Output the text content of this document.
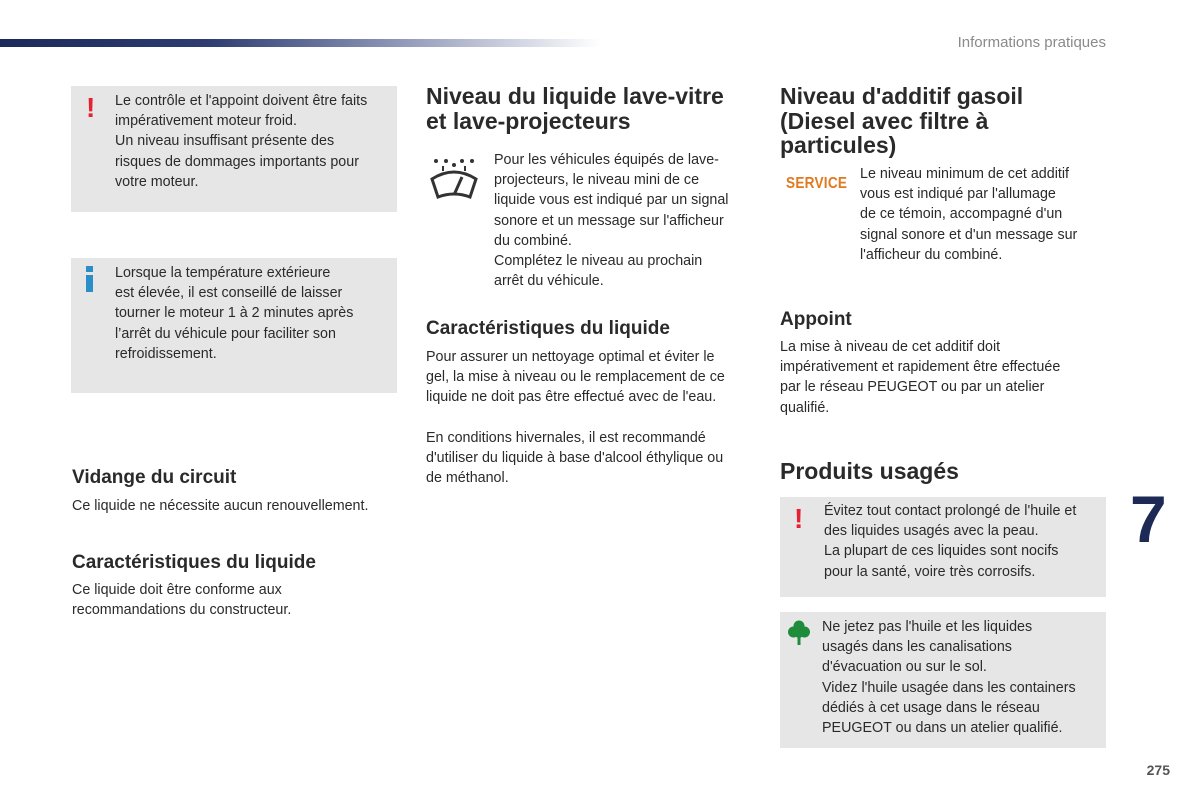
Informations pratiques
! Le contrôle et l'appoint doivent être faits
impérativement moteur froid.
Un niveau insuffisant présente des
risques de dommages importants pour
votre moteur.
Lorsque la température extérieure
est élevée, il est conseillé de laisser
tourner le moteur 1 à 2 minutes après
l’arrêt du véhicule pour faciliter son
refroidissement.
Vidange du circuit

Ce liquide ne nécessite aucun renouvellement.

Caractéristiques du liquide

Ce liquide doit être conforme aux
recommandations du constructeur.

Niveau du liquide lave-vitre
et lave-projecteurs

Pour les véhicules équipés de lave-
projecteurs, le niveau mini de ce
liquide vous est indiqué par un signal
sonore et un message sur l'afficheur
du combiné.
Complétez le niveau au prochain
arrêt du véhicule.

Caractéristiques du liquide

Pour assurer un nettoyage optimal et éviter le
gel, la mise à niveau ou le remplacement de ce
liquide ne doit pas être effectué avec de l'eau.

En conditions hivernales, il est recommandé
d'utiliser du liquide à base d'alcool éthylique ou
de méthanol.

Niveau d'additif gasoil
(Diesel avec filtre à
particules)
SERVICE

Le niveau minimum de cet additif
vous est indiqué par l'allumage
de ce témoin, accompagné d'un
signal sonore et d'un message sur
l'afficheur du combiné.

Appoint

La mise à niveau de cet additif doit
impérativement et rapidement être effectuée
par le réseau PEUGEOT ou par un atelier
qualifié.

Produits usagés
! Évitez tout contact prolongé de l'huile et
des liquides usagés avec la peau.
La plupart de ces liquides sont nocifs
pour la santé, voire très corrosifs.
Ne jetez pas l'huile et les liquides
usagés dans les canalisations
d'évacuation ou sur le sol.
Videz l'huile usagée dans les containers
dédiés à cet usage dans le réseau
PEUGEOT ou dans un atelier qualifié.
7
275
